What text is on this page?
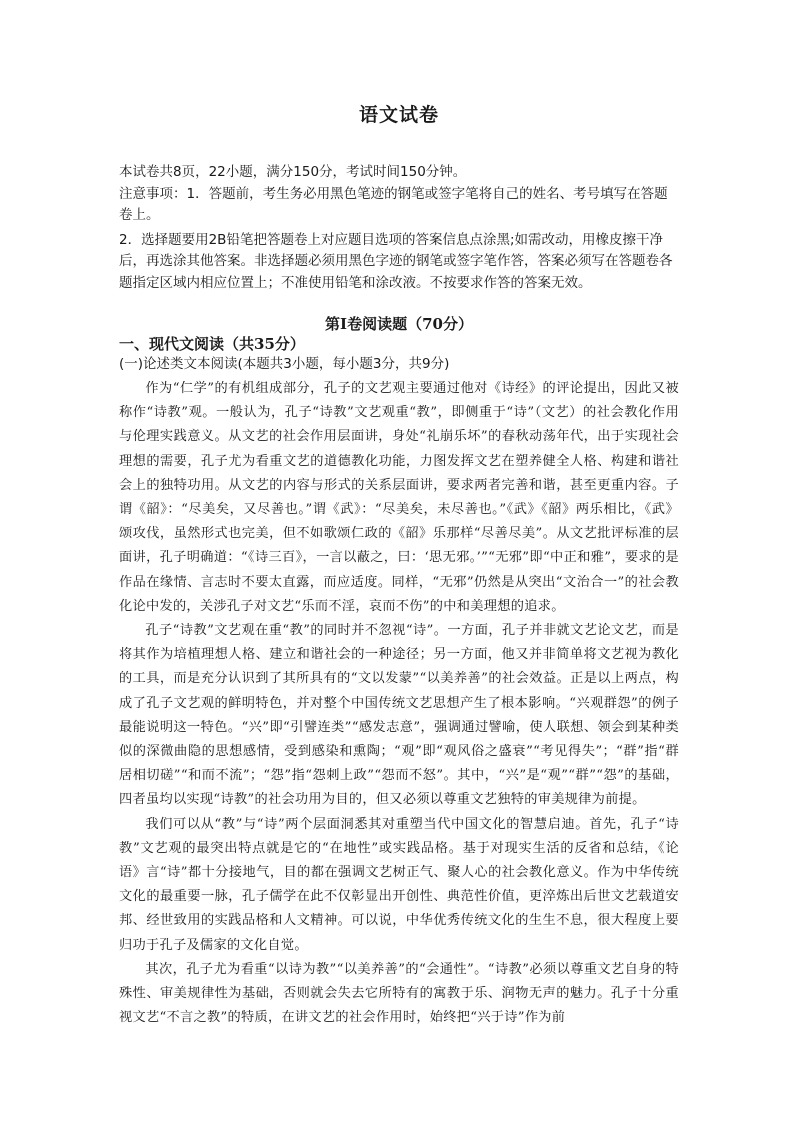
语文试卷

本试卷共8页，22小题，满分150分，考试时间150分钟。

注意事项：1．答题前，考生务必用黑色笔迹的钢笔或签字笔将自己的姓名、考号填写在答题卷上。

2．选择题要用2B铅笔把答题卷上对应题目选项的答案信息点涂黑;如需改动，用橡皮擦干净后，再选涂其他答案。非选择题必须用黑色字迹的钢笔或签字笔作答，答案必须写在答题卷各题指定区域内相应位置上；不准使用铅笔和涂改液。不按要求作答的答案无效。

第Ⅰ卷阅读题（70分）
一、现代文阅读（共35分）
(一)论述类文本阅读(本题共3小题，每小题3分，共9分)

作为“仁学”的有机组成部分，孔子的文艺观主要通过他对《诗经》的评论提出，因此又被称作“诗教”观。一般认为，孔子“诗教”文艺观重“教”，即侧重于“诗”（文艺）的社会教化作用与伦理实践意义。从文艺的社会作用层面讲，身处“礼崩乐坏”的春秋动荡年代，出于实现社会理想的需要，孔子尤为看重文艺的道德教化功能，力图发挥文艺在塑养健全人格、构建和谐社会上的独特功用。从文艺的内容与形式的关系层面讲，要求两者完善和谐，甚至更重内容。子谓《韶》：“尽美矣，又尽善也。”谓《武》：“尽美矣，未尽善也。”《武》《韶》两乐相比，《武》颂攻伐，虽然形式也完美，但不如歌颂仁政的《韶》乐那样“尽善尽美”。从文艺批评标准的层面讲，孔子明确道：“《诗三百》，一言以蔽之，曰：‘思无邪。’”“无邪”即“中正和雅”，要求的是作品在缘情、言志时不要太直露，而应适度。同样，“无邪”仍然是从突出“文治合一”的社会教化论中发的，关涉孔子对文艺“乐而不淫，哀而不伤”的中和美理想的追求。

孔子“诗教”文艺观在重“教”的同时并不忽视“诗”。一方面，孔子并非就文艺论文艺，而是将其作为培植理想人格、建立和谐社会的一种途径；另一方面，他又并非简单将文艺视为教化的工具，而是充分认识到了其所具有的“文以发蒙”“以美养善”的社会效益。正是以上两点，构成了孔子文艺观的鲜明特色，并对整个中国传统文艺思想产生了根本影响。“兴观群怨”的例子最能说明这一特色。“兴”即“引譬连类”“感发志意”，强调通过譬喻，使人联想、领会到某种类似的深微曲隐的思想感情，受到感染和熏陶；“观”即“观风俗之盛衰”“考见得失”；“群”指“群居相切磋”“和而不流”；“怨”指“怨刺上政”“怨而不怒”。其中，“兴”是“观”“群”“怨”的基础，四者虽均以实现“诗教”的社会功用为目的，但又必须以尊重文艺独特的审美规律为前提。

我们可以从“教”与“诗”两个层面洞悉其对重塑当代中国文化的智慧启迪。首先，孔子“诗教”文艺观的最突出特点就是它的“在地性”或实践品格。基于对现实生活的反省和总结，《论语》言“诗”都十分接地气，目的都在强调文艺树正气、聚人心的社会教化意义。作为中华传统文化的最重要一脉，孔子儒学在此不仅彰显出开创性、典范性价值，更淬炼出后世文艺载道安邦、经世致用的实践品格和人文精神。可以说，中华优秀传统文化的生生不息，很大程度上要归功于孔子及儒家的文化自觉。

其次，孔子尤为看重“以诗为教”“以美养善”的“会通性”。“诗教”必须以尊重文艺自身的特殊性、审美规律性为基础，否则就会失去它所特有的寓教于乐、润物无声的魅力。孔子十分重视文艺“不言之教”的特质，在讲文艺的社会作用时，始终把“兴于诗”作为前
